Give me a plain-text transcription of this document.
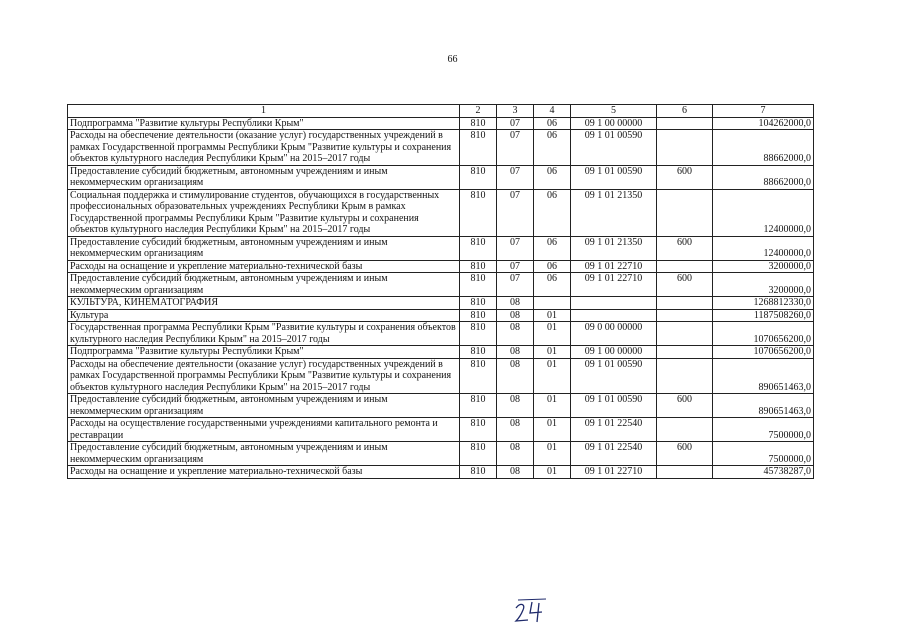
66
1	2	3	4	5	6	7
Подпрограмма "Развитие культуры Республики Крым"	810	07	06	09 1 00 00000		104262000,0
Расходы на обеспечение деятельности (оказание услуг) государственных учреждений в рамках Государственной программы Республики Крым "Развитие культуры и сохранения объектов культурного наследия Республики Крым" на 2015–2017 годы	810	07	06	09 1 01 00590		88662000,0
Предоставление субсидий бюджетным, автономным учреждениям и иным некоммерческим организациям	810	07	06	09 1 01 00590	600	88662000,0
Социальная поддержка и стимулирование студентов, обучающихся в государственных профессиональных образовательных учреждениях Республики Крым в рамках Государственной программы Республики Крым "Развитие культуры и сохранения объектов культурного наследия Республики Крым" на 2015–2017 годы	810	07	06	09 1 01 21350		12400000,0
Предоставление субсидий бюджетным, автономным учреждениям и иным некоммерческим организациям	810	07	06	09 1 01 21350	600	12400000,0
Расходы на оснащение и укрепление материально-технической базы	810	07	06	09 1 01 22710		3200000,0
Предоставление субсидий бюджетным, автономным учреждениям и иным некоммерческим организациям	810	07	06	09 1 01 22710	600	3200000,0
КУЛЬТУРА, КИНЕМАТОГРАФИЯ	810	08				1268812330,0
Культура	810	08	01			1187508260,0
Государственная программа Республики Крым "Развитие культуры и сохранения объектов культурного наследия Республики Крым" на 2015–2017 годы	810	08	01	09 0 00 00000		1070656200,0
Подпрограмма "Развитие культуры Республики Крым"	810	08	01	09 1 00 00000		1070656200,0
Расходы на обеспечение деятельности (оказание услуг) государственных учреждений в рамках Государственной программы Республики Крым "Развитие культуры и сохранения объектов культурного наследия Республики Крым" на 2015–2017 годы	810	08	01	09 1 01 00590		890651463,0
Предоставление субсидий бюджетным, автономным учреждениям и иным некоммерческим организациям	810	08	01	09 1 01 00590	600	890651463,0
Расходы на осуществление государственными учреждениями капитального ремонта и реставрации	810	08	01	09 1 01 22540		7500000,0
Предоставление субсидий бюджетным, автономным учреждениям и иным некоммерческим организациям	810	08	01	09 1 01 22540	600	7500000,0
Расходы на оснащение и укрепление материально-технической базы	810	08	01	09 1 01 22710		45738287,0
